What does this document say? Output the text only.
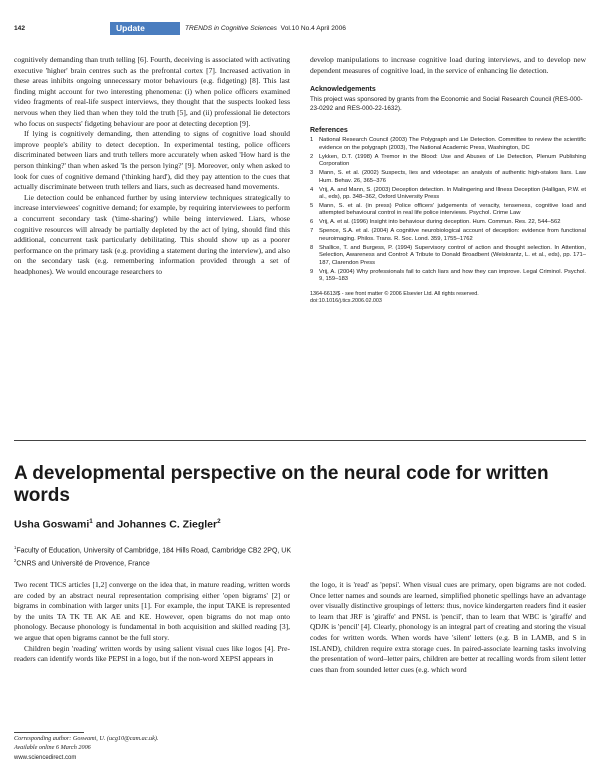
142	Update	TRENDS in Cognitive Sciences Vol.10 No.4 April 2006

cognitively demanding than truth telling [6]. Fourth, deceiving is associated with activating executive 'higher' brain centres such as the prefrontal cortex [7]. Increased activation in these areas inhibits ongoing unnecessary motor behaviours (e.g. fidgeting) [8]. This last finding might account for two interesting phenomena: (i) when police officers examined video fragments of real-life suspect interviews, they thought that the suspects looked less nervous when they lied than when they told the truth [5], and (ii) professional lie detectors who focus on suspects' fidgeting behaviour are poor at detecting deception [9].

If lying is cognitively demanding, then attending to signs of cognitive load should improve people's ability to detect deception. In experimental testing, police officers discriminated between liars and truth tellers more accurately when asked 'How hard is the person thinking?' than when asked 'Is the person lying?' [9]. Moreover, only when asked to look for cues of cognitive demand ('thinking hard'), did they pay attention to the cues that actually discriminate between truth tellers and liars, such as decreased hand movements.

Lie detection could be enhanced further by using interview techniques strategically to increase interviewees' cognitive demand; for example, by requiring interviewees to perform a concurrent secondary task ('time-sharing') while being interviewed. Liars, whose cognitive resources will already be partially depleted by the act of lying, should find this additional, concurrent task particularly debilitating. This should show up as a poorer performance on the primary task (e.g. providing a statement during the interview), and also on the secondary task (e.g. remembering information provided through a set of headphones). We would encourage researchers to

develop manipulations to increase cognitive load during interviews, and to develop new dependent measures of cognitive load, in the service of enhancing lie detection.
Acknowledgements

This project was sponsored by grants from the Economic and Social Research Council (RES-000-23-0292 and RES-000-22-1632).

References
1 National Research Council (2003) The Polygraph and Lie Detection. Committee to review the scientific evidence on the polygraph (2003), The National Academic Press, Washington, DC
2 Lykken, D.T. (1998) A Tremor in the Blood: Use and Abuses of Lie Detection, Plenum Publishing Corporation
3 Mann, S. et al. (2002) Suspects, lies and videotape: an analysis of authentic high-stakes liars. Law Hum. Behav. 26, 365–376
4 Vrij, A. and Mann, S. (2003) Deception detection. In Malingering and Illness Deception (Halligan, P.W. et al., eds), pp. 348–362, Oxford University Press
5 Mann, S. et al. (in press) Police officers' judgements of veracity, tenseness, cognitive load and attempted behavioural control in real life police interviews. Psychol. Crime Law
6 Vrij, A. et al. (1996) Insight into behaviour during deception. Hum. Commun. Res. 22, 544–562
7 Spence, S.A. et al. (2004) A cognitive neurobiological account of deception: evidence from functional neuroimaging. Philos. Trans. R. Soc. Lond. 359, 1755–1762
8 Shallice, T. and Burgess, P. (1994) Supervisory control of action and thought selection. In Attention, Selection, Awareness and Control: A Tribute to Donald Broadbent (Weiskrantz, L. et al., eds), pp. 171–187, Clarendon Press
9 Vrij, A. (2004) Why professionals fail to catch liars and how they can improve. Legal Criminol. Psychol. 9, 159–183
1364-6613/$ - see front matter © 2006 Elsevier Ltd. All rights reserved.
doi:10.1016/j.tics.2006.02.003
A developmental perspective on the neural code for written words
Usha Goswami$^1$ and Johannes C. Ziegler$^2$
$^1$Faculty of Education, University of Cambridge, 184 Hills Road, Cambridge CB2 2PQ, UK
$^2$CNRS and Université de Provence, France

Two recent TICS articles [1,2] converge on the idea that, in mature reading, written words are coded by an abstract neural representation comprising either 'open bigrams' [2] or bigrams in combination with larger units [1]. For example, the input TAKE is represented by the units TA TK TE AK AE and KE. However, open bigrams do not map onto phonology. Because phonology is fundamental in both acquisition and skilled reading [3], we argue that open bigrams cannot be the full story.

Children begin 'reading' written words by using salient visual cues like logos [4]. Pre-readers can identify words like PEPSI in a logo, but if the non-word XEPSI appears in

Corresponding author: Goswami, U. (ucg10@cam.ac.uk).
Available online 6 March 2006
www.sciencedirect.com

the logo, it is 'read' as 'pepsi'. When visual cues are primary, open bigrams are not coded. Once letter names and sounds are learned, simplified phonetic spellings have an advantage over visually distinctive groupings of letters: thus, novice kindergarten readers find it easier to learn that JRF is 'giraffe' and PNSL is 'pencil', than to learn that WBC is 'giraffe' and QDJK is 'pencil' [4]. Clearly, phonology is an integral part of creating and storing the visual codes for written words. When words have 'silent' letters (e.g. B in LAMB, and S in ISLAND), children require extra storage cues. In paired-associate learning tasks involving the presentation of word–letter pairs, children are better at recalling words from silent letter cues than from sounded letter cues (e.g. which word
